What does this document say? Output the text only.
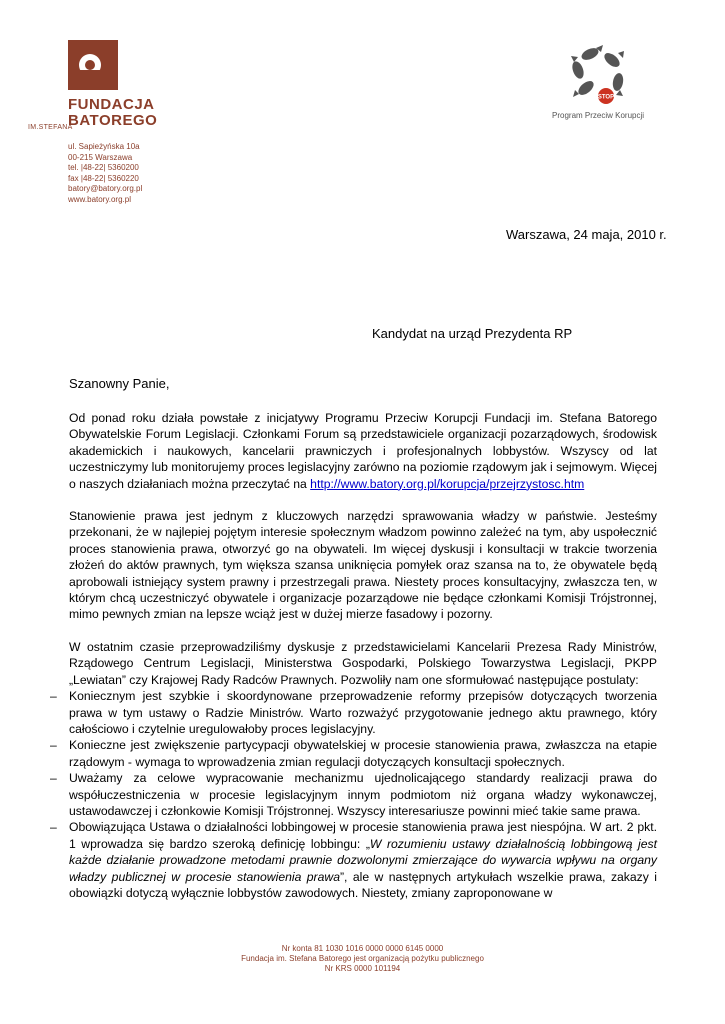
FUNDACJA
BATOREGO
IM.STEFANA
ul. Sapieżyńska 10a
00-215 Warszawa
tel. |48-22| 5360200
fax |48-22| 5360220
batory@batory.org.pl
www.batory.org.pl
STOP
Program Przeciw Korupcji
Warszawa, 24 maja, 2010 r.
Kandydat na urząd Prezydenta RP
Szanowny Panie,

Od ponad roku działa powstałe z inicjatywy Programu Przeciw Korupcji Fundacji im. Stefana Batorego Obywatelskie Forum Legislacji. Członkami Forum są przedstawiciele organizacji pozarządowych, środowisk akademickich i naukowych, kancelarii prawniczych i profesjonalnych lobbystów. Wszyscy od lat uczestniczymy lub monitorujemy proces legislacyjny zarówno na poziomie rządowym jak i sejmowym. Więcej o naszych działaniach można przeczytać na http://www.batory.org.pl/korupcja/przejrzystosc.htm

Stanowienie prawa jest jednym z kluczowych narzędzi sprawowania władzy w państwie. Jesteśmy przekonani, że w najlepiej pojętym interesie społecznym władzom powinno zależeć na tym, aby uspołecznić proces stanowienia prawa, otworzyć go na obywateli. Im więcej dyskusji i konsultacji w trakcie tworzenia złożeń do aktów prawnych, tym większa szansa uniknięcia pomyłek oraz szansa na to, że obywatele będą aprobowali istniejący system prawny i przestrzegali prawa. Niestety proces konsultacyjny, zwłaszcza ten, w którym chcą uczestniczyć obywatele i organizacje pozarządowe nie będące członkami Komisji Trójstronnej, mimo pewnych zmian na lepsze wciąż jest w dużej mierze fasadowy i pozorny.

W ostatnim czasie przeprowadziliśmy dyskusje z przedstawicielami Kancelarii Prezesa Rady Ministrów, Rządowego Centrum Legislacji, Ministerstwa Gospodarki, Polskiego Towarzystwa Legislacji, PKPP „Lewiatan” czy Krajowej Rady Radców Prawnych. Pozwoliły nam one sformułować następujące postulaty:

– Koniecznym jest szybkie i skoordynowane przeprowadzenie reformy przepisów dotyczących tworzenia prawa w tym ustawy o Radzie Ministrów. Warto rozważyć przygotowanie jednego aktu prawnego, który całościowo i czytelnie uregulowałoby proces legislacyjny.
– Konieczne jest zwiększenie partycypacji obywatelskiej w procesie stanowienia prawa, zwłaszcza na etapie rządowym - wymaga to wprowadzenia zmian regulacji dotyczących konsultacji społecznych.
– Uważamy za celowe wypracowanie mechanizmu ujednolicającego standardy realizacji prawa do współuczestniczenia w procesie legislacyjnym innym podmiotom niż organa władzy wykonawczej, ustawodawczej i członkowie Komisji Trójstronnej. Wszyscy interesariusze powinni mieć takie same prawa.
– Obowiązująca Ustawa o działalności lobbingowej w procesie stanowienia prawa jest niespójna. W art. 2 pkt. 1 wprowadza się bardzo szeroką definicję lobbingu: „W rozumieniu ustawy działalnością lobbingową jest każde działanie prowadzone metodami prawnie dozwolonymi zmierzające do wywarcia wpływu na organy władzy publicznej w procesie stanowienia prawa”, ale w następnych artykułach wszelkie prawa, zakazy i obowiązki dotyczą wyłącznie lobbystów zawodowych. Niestety, zmiany zaproponowane w
Nr konta 81 1030 1016 0000 0000 6145 0000
Fundacja im. Stefana Batorego jest organizacją pożytku publicznego
Nr KRS 0000 101194
